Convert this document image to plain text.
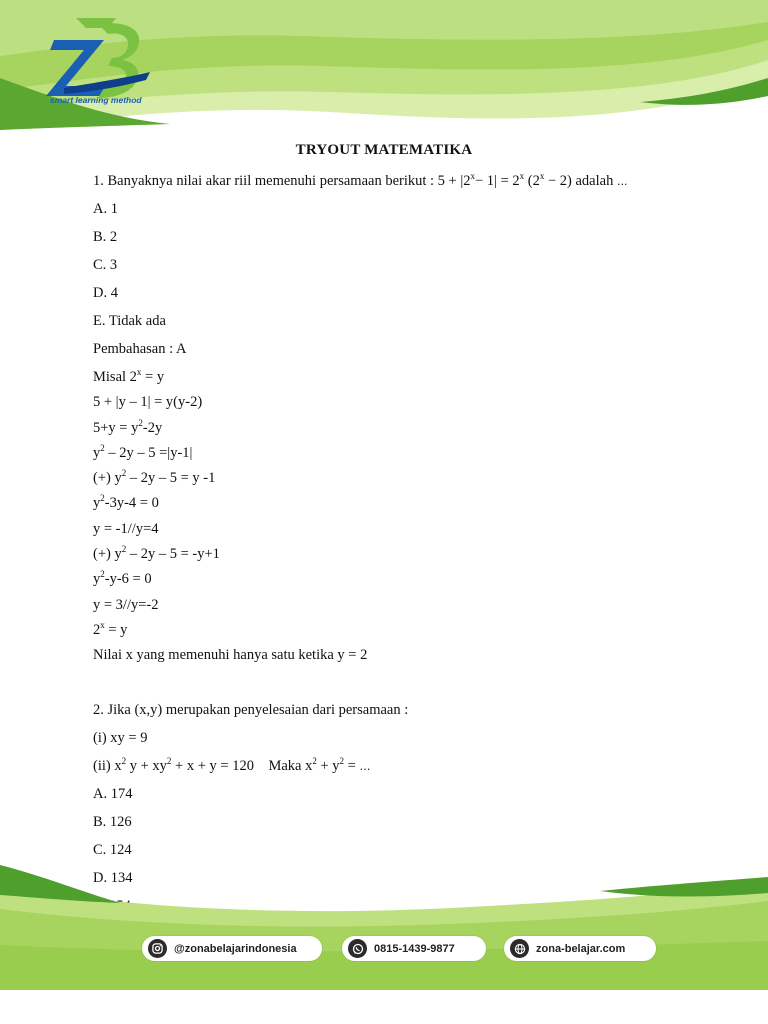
smart learning method
TRYOUT MATEMATIKA
1. Banyaknya nilai akar riil memenuhi persamaan berikut : $5 + |2^x- 1| = 2^x$ $(2^x - 2)$ adalah ...
A. 1
B. 2
C. 3
D. 4
E. Tidak ada
Pembahasan : A
Misal $2^x = y$
5 + |y – 1| = y(y-2)
$5+y = y^2-2y$
$y^2 - 2y - 5 =|y-1|$
(+) $y^2 - 2y - 5 = y$ -1
$y^2-3y-4 = 0$
y = -1//y=4
(+) $y^2 - 2y - 5 = -y+1$
$y^2-y-6 = 0$
y = 3//y=-2
$2^x = y$
Nilai x yang memenuhi hanya satu ketika y = 2
2. Jika (x,y) merupakan penyelesaian dari persamaan :
(i) xy = 9
(ii) $x^2$ $y + xy^2 + x + y = 120$    Maka $x^2 + y^2$ = …
A. 174
B. 126
C. 124
D. 134
@zonabelajarindonesia	0815-1439-9877	zona-belajar.com
